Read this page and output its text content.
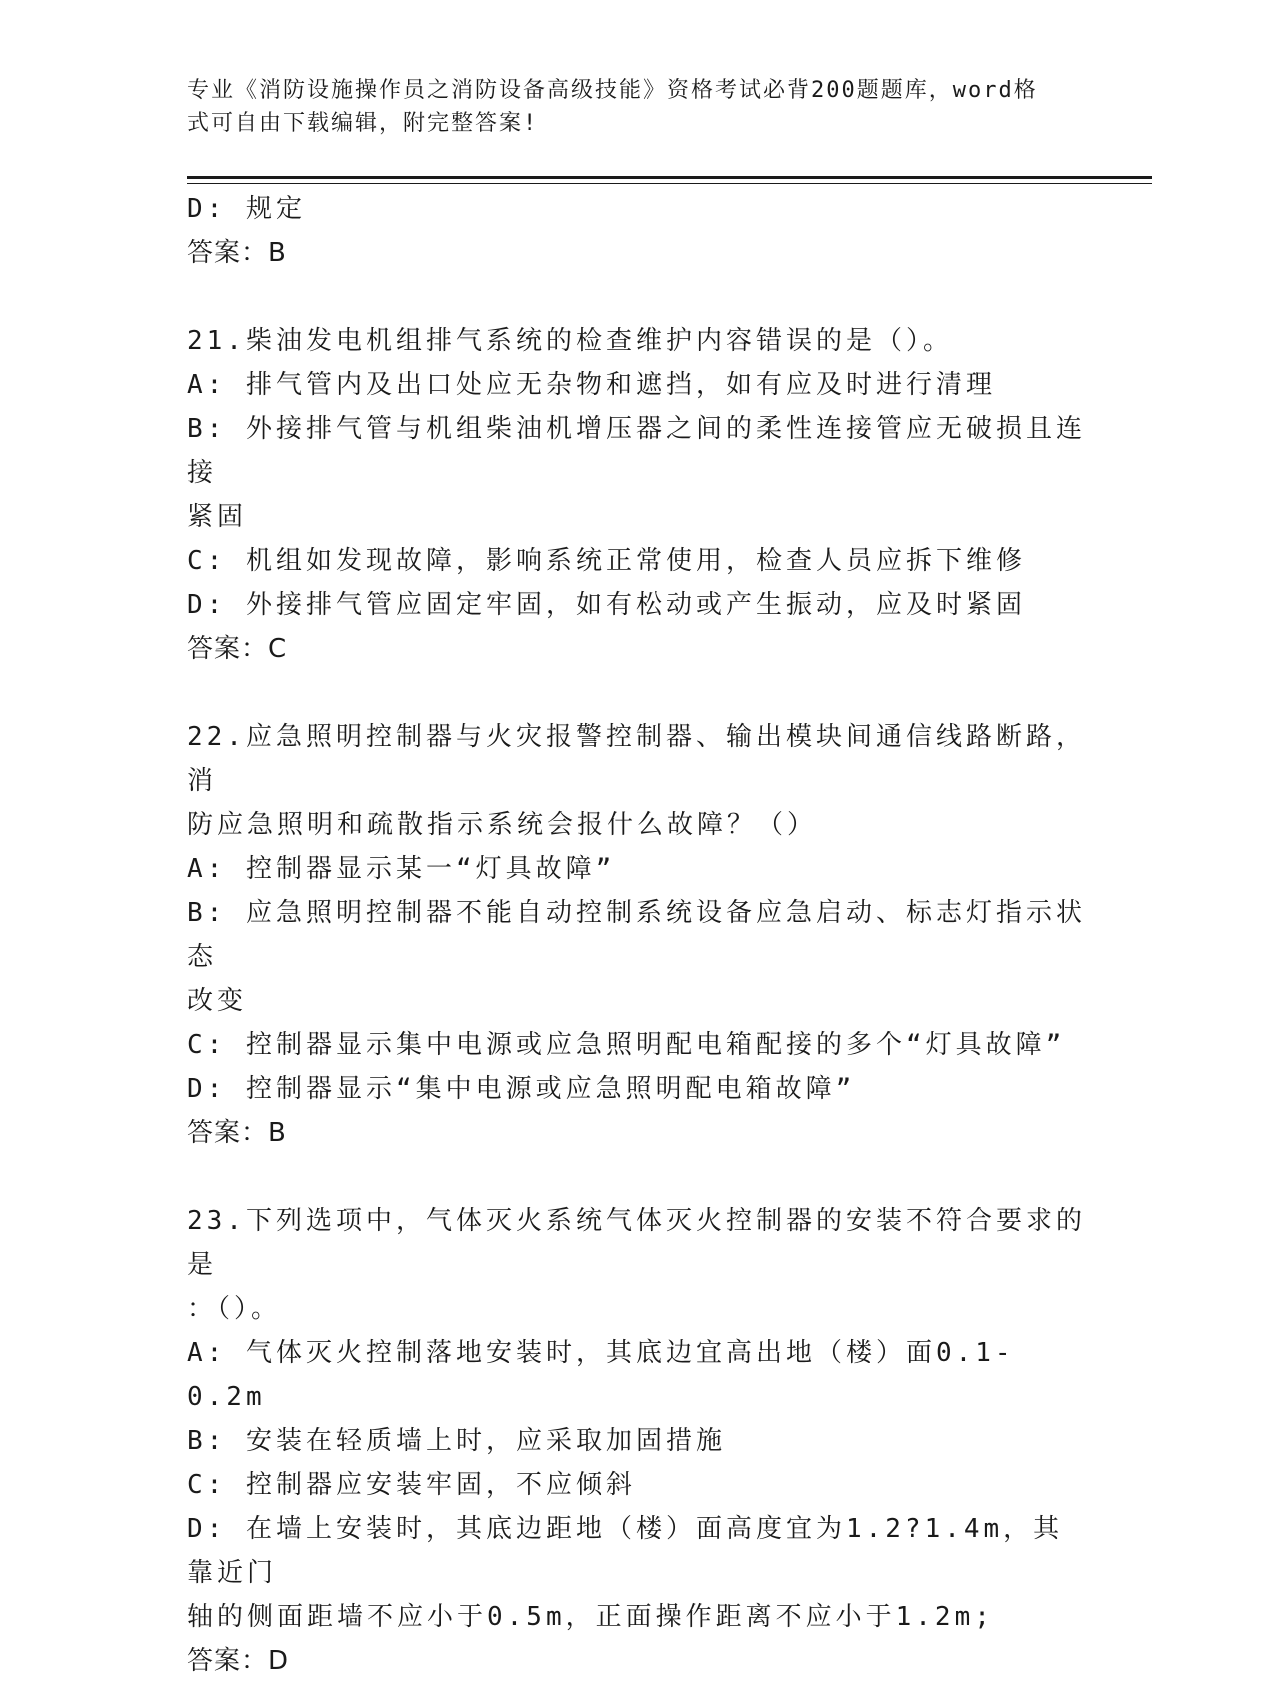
专业《消防设施操作员之消防设备高级技能》资格考试必背200题题库，word格
式可自由下载编辑，附完整答案!
D: 规定
答案：B
21.柴油发电机组排气系统的检查维护内容错误的是（）。
A: 排气管内及出口处应无杂物和遮挡，如有应及时进行清理
B: 外接排气管与机组柴油机增压器之间的柔性连接管应无破损且连接
紧固
C: 机组如发现故障，影响系统正常使用，检查人员应拆下维修
D: 外接排气管应固定牢固，如有松动或产生振动，应及时紧固
答案：C
22.应急照明控制器与火灾报警控制器、输出模块间通信线路断路，消
防应急照明和疏散指示系统会报什么故障？（）
A: 控制器显示某一“灯具故障”
B: 应急照明控制器不能自动控制系统设备应急启动、标志灯指示状态
改变
C: 控制器显示集中电源或应急照明配电箱配接的多个“灯具故障”
D: 控制器显示“集中电源或应急照明配电箱故障”
答案：B
23.下列选项中，气体灭火系统气体灭火控制器的安装不符合要求的是
：（）。
A: 气体灭火控制落地安装时，其底边宜高出地（楼）面0.1-0.2m
B: 安装在轻质墙上时，应采取加固措施
C: 控制器应安装牢固，不应倾斜
D: 在墙上安装时，其底边距地（楼）面高度宜为1.2?1.4m，其靠近门
轴的侧面距墙不应小于0.5m，正面操作距离不应小于1.2m;
答案：D
